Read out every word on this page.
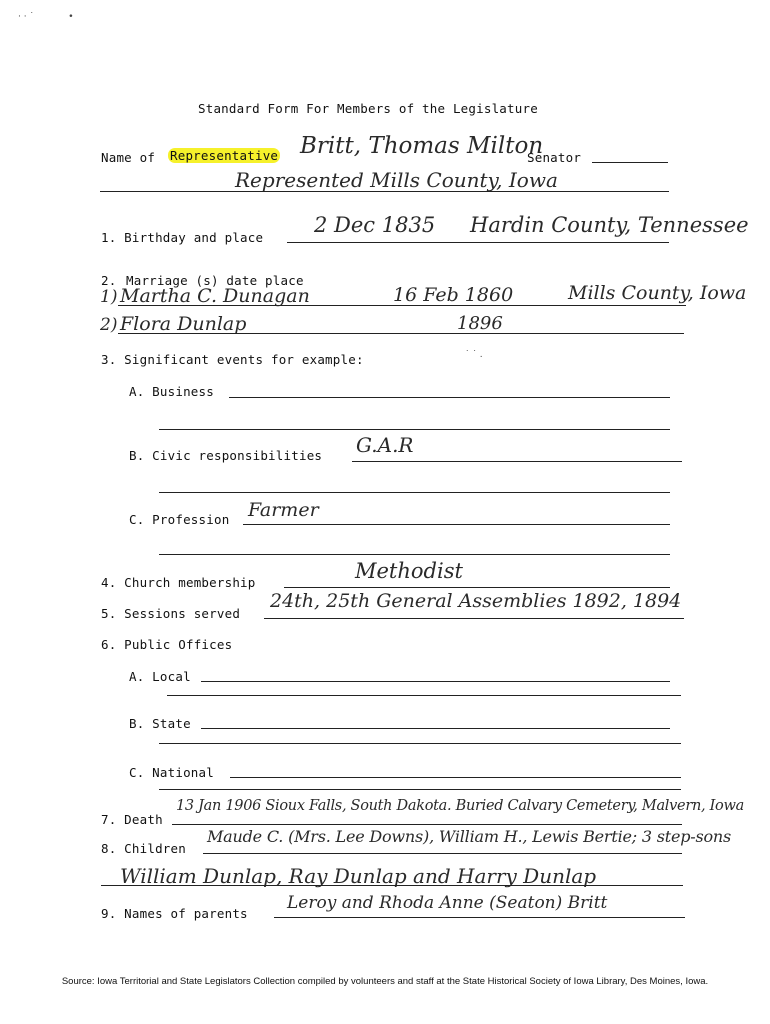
· · ˙            •
Standard Form For Members of the Legislature
Name of Representative Britt, Thomas Milton
Senator
Represented Mills County, Iowa
1. Birthday and place
2 Dec 1835 Hardin County, Tennessee
2. Marriage (s) date place
1) Martha C. Dunagan	16 Feb 1860	Mills County, Iowa
2) Flora Dunlap	1896
3. Significant events for example:	˙ ˙ .
A. Business
B. Civic responsibilities G.A.R
C. Profession Farmer
4. Church membership	Methodist
5. Sessions served
24th, 25th General Assemblies 1892, 1894
6. Public Offices
A. Local
B. State
C. National
7. Death
13 Jan 1906 Sioux Falls, South Dakota. Buried Calvary Cemetery, Malvern, Iowa
8. Children
Maude C. (Mrs. Lee Downs), William H., Lewis Bertie; 3 step-sons
William Dunlap, Ray Dunlap and Harry Dunlap
9. Names of parents
Leroy and Rhoda Anne (Seaton) Britt
Source: Iowa Territorial and State Legislators Collection compiled by volunteers and staff at the State Historical Society of Iowa Library, Des Moines, Iowa.
